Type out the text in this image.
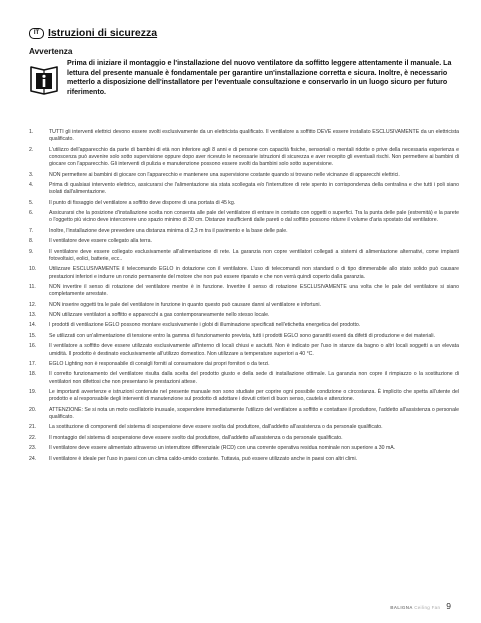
IT Istruzioni di sicurezza
Avvertenza
Prima di iniziare il montaggio e l'installazione del nuovo ventilatore da soffitto leggere attentamente il manuale. La lettura del presente manuale è fondamentale per garantire un'installazione corretta e sicura. Inoltre, è necessario metterlo a disposizione dell'installatore per l'eventuale consultazione e conservarlo in un luogo sicuro per futuro riferimento.
1.	TUTTI gli interventi elettrici devono essere svolti esclusivamente da un elettricista qualificato. Il ventilatore a soffitto DEVE essere installato ESCLUSIVAMENTE da un elettricista qualificato.
2.	L'utilizzo dell'apparecchio da parte di bambini di età non inferiore agli 8 anni e di persone con capacità fisiche, sensoriali o mentali ridotte o prive della necessaria esperienza e conoscenza può avvenire solo sotto supervisione oppure dopo aver ricevuto le necessarie istruzioni di sicurezza e aver recepito gli eventuali rischi. Non permettere ai bambini di giocare con l'apparecchio. Gli interventi di pulizia e manutenzione possono essere svolti da bambini solo sotto supervisione.
3.	NON permettere ai bambini di giocare con l'apparecchio e mantenere una supervisione costante quando si trovano nelle vicinanze di apparecchi elettrici.
4.	Prima di qualsiasi intervento elettrico, assicurarsi che l'alimentazione sia stata scollegata e/o l'interruttore di rete spento in corrispondenza della centralina e che tutti i poli siano isolati dall'alimentazione.
5.	Il punto di fissaggio del ventilatore a soffitto deve disporre di una portata di 45 kg.
6.	Assicurarsi che la posizione d'installazione scelta non consenta alle pale del ventilatore di entrare in contatto con oggetti o superfici. Tra la punta delle pale (estremità) e la parete o l'oggetto più vicino deve intercorrere uno spazio minimo di 30 cm. Distanze insufficienti dalle pareti o dal soffitto possono ridurre il volume d'aria spostato dal ventilatore.
7.	Inoltre, l'installazione deve prevedere una distanza minima di 2,3 m tra il pavimento e la base delle pale.
8.	Il ventilatore deve essere collegato alla terra.
9.	Il ventilatore deve essere collegato esclusivamente all'alimentazione di rete. La garanzia non copre ventilatori collegati a sistemi di alimentazione alternativi, come impianti fotovoltaici, eolici, batterie, ecc..
10.	Utilizzare ESCLUSIVAMENTE il telecomando EGLO in dotazione con il ventilatore. L'uso di telecomandi non standard o di tipo dimmerabile allo stato solido può causare prestazioni inferiori e indurre un ronzio permanente del motore che non può essere riparato e che non verrà quindi coperto dalla garanzia.
11.	NON invertire il senso di rotazione del ventilatore mentre è in funzione. Invertire il senso di rotazione ESCLUSIVAMENTE una volta che le pale del ventilatore si siano completamente arrestate.
12.	NON inserire oggetti tra le pale del ventilatore in funzione in quanto questo può causare danni al ventilatore e infortuni.
13.	NON utilizzare ventilatori a soffitto e apparecchi a gas contemporaneamente nello stesso locale.
14.	I prodotti di ventilazione EGLO possono montare esclusivamente i globi di illuminazione specificati nell'etichetta energetica del prodotto.
15.	Se utilizzati con un'alimentazione di tensione entro la gamma di funzionamento prevista, tutti i prodotti EGLO sono garantiti esenti da difetti di produzione e dei materiali.
16.	Il ventilatore a soffitto deve essere utilizzato esclusivamente all'interno di locali chiusi e asciutti. Non è indicato per l'uso in stanze da bagno o altri locali soggetti a un elevata umidità. Il prodotto è destinato esclusivamente all'utilizzo domestico. Non utilizzare a temperature superiori a 40 °C.
17.	EGLO Lighting non è responsabile di consigli forniti al consumatore dai propri fornitori o da terzi.
18.	Il corretto funzionamento del ventilatore risulta dalla scelta del prodotto giusto e della sede di installazione ottimale. La garanzia non copre il rimpiazzo o la sostituzione di ventilatori non difettosi che non presentano le prestazioni attese.
19.	Le importanti avvertenze e istruzioni contenute nel presente manuale non sono studiate per coprire ogni possibile condizione o circostanza. È implicito che spetta all'utente del prodotto e al responsabile degli interventi di manutenzione sul prodotto di adottare i dovuti criteri di buon senso, cautela e attenzione.
20.	ATTENZIONE: Se si nota un moto oscillatorio inusuale, sospendere immediatamente l'utilizzo del ventilatore a soffitto e contattare il produttore, l'addetto all'assistenza o personale qualificato.
21.	La sostituzione di componenti del sistema di sospensione deve essere svolta dal produttore, dall'addetto all'assistenza o da personale qualificato.
22.	Il montaggio del sistema di sospensione deve essere svolto dal produttore, dall'addetto all'assistenza o da personale qualificato.
23.	Il ventilatore deve essere alimentato attraverso un interruttore differenziale (RCD) con una corrente operativa residua nominale non superiore a 30 mA.
24.	Il ventilatore è ideale per l'uso in paesi con un clima caldo-umido costante. Tuttavia, può essere utilizzato anche in paesi con altri climi.
BALIGNA Ceiling Fan 9
